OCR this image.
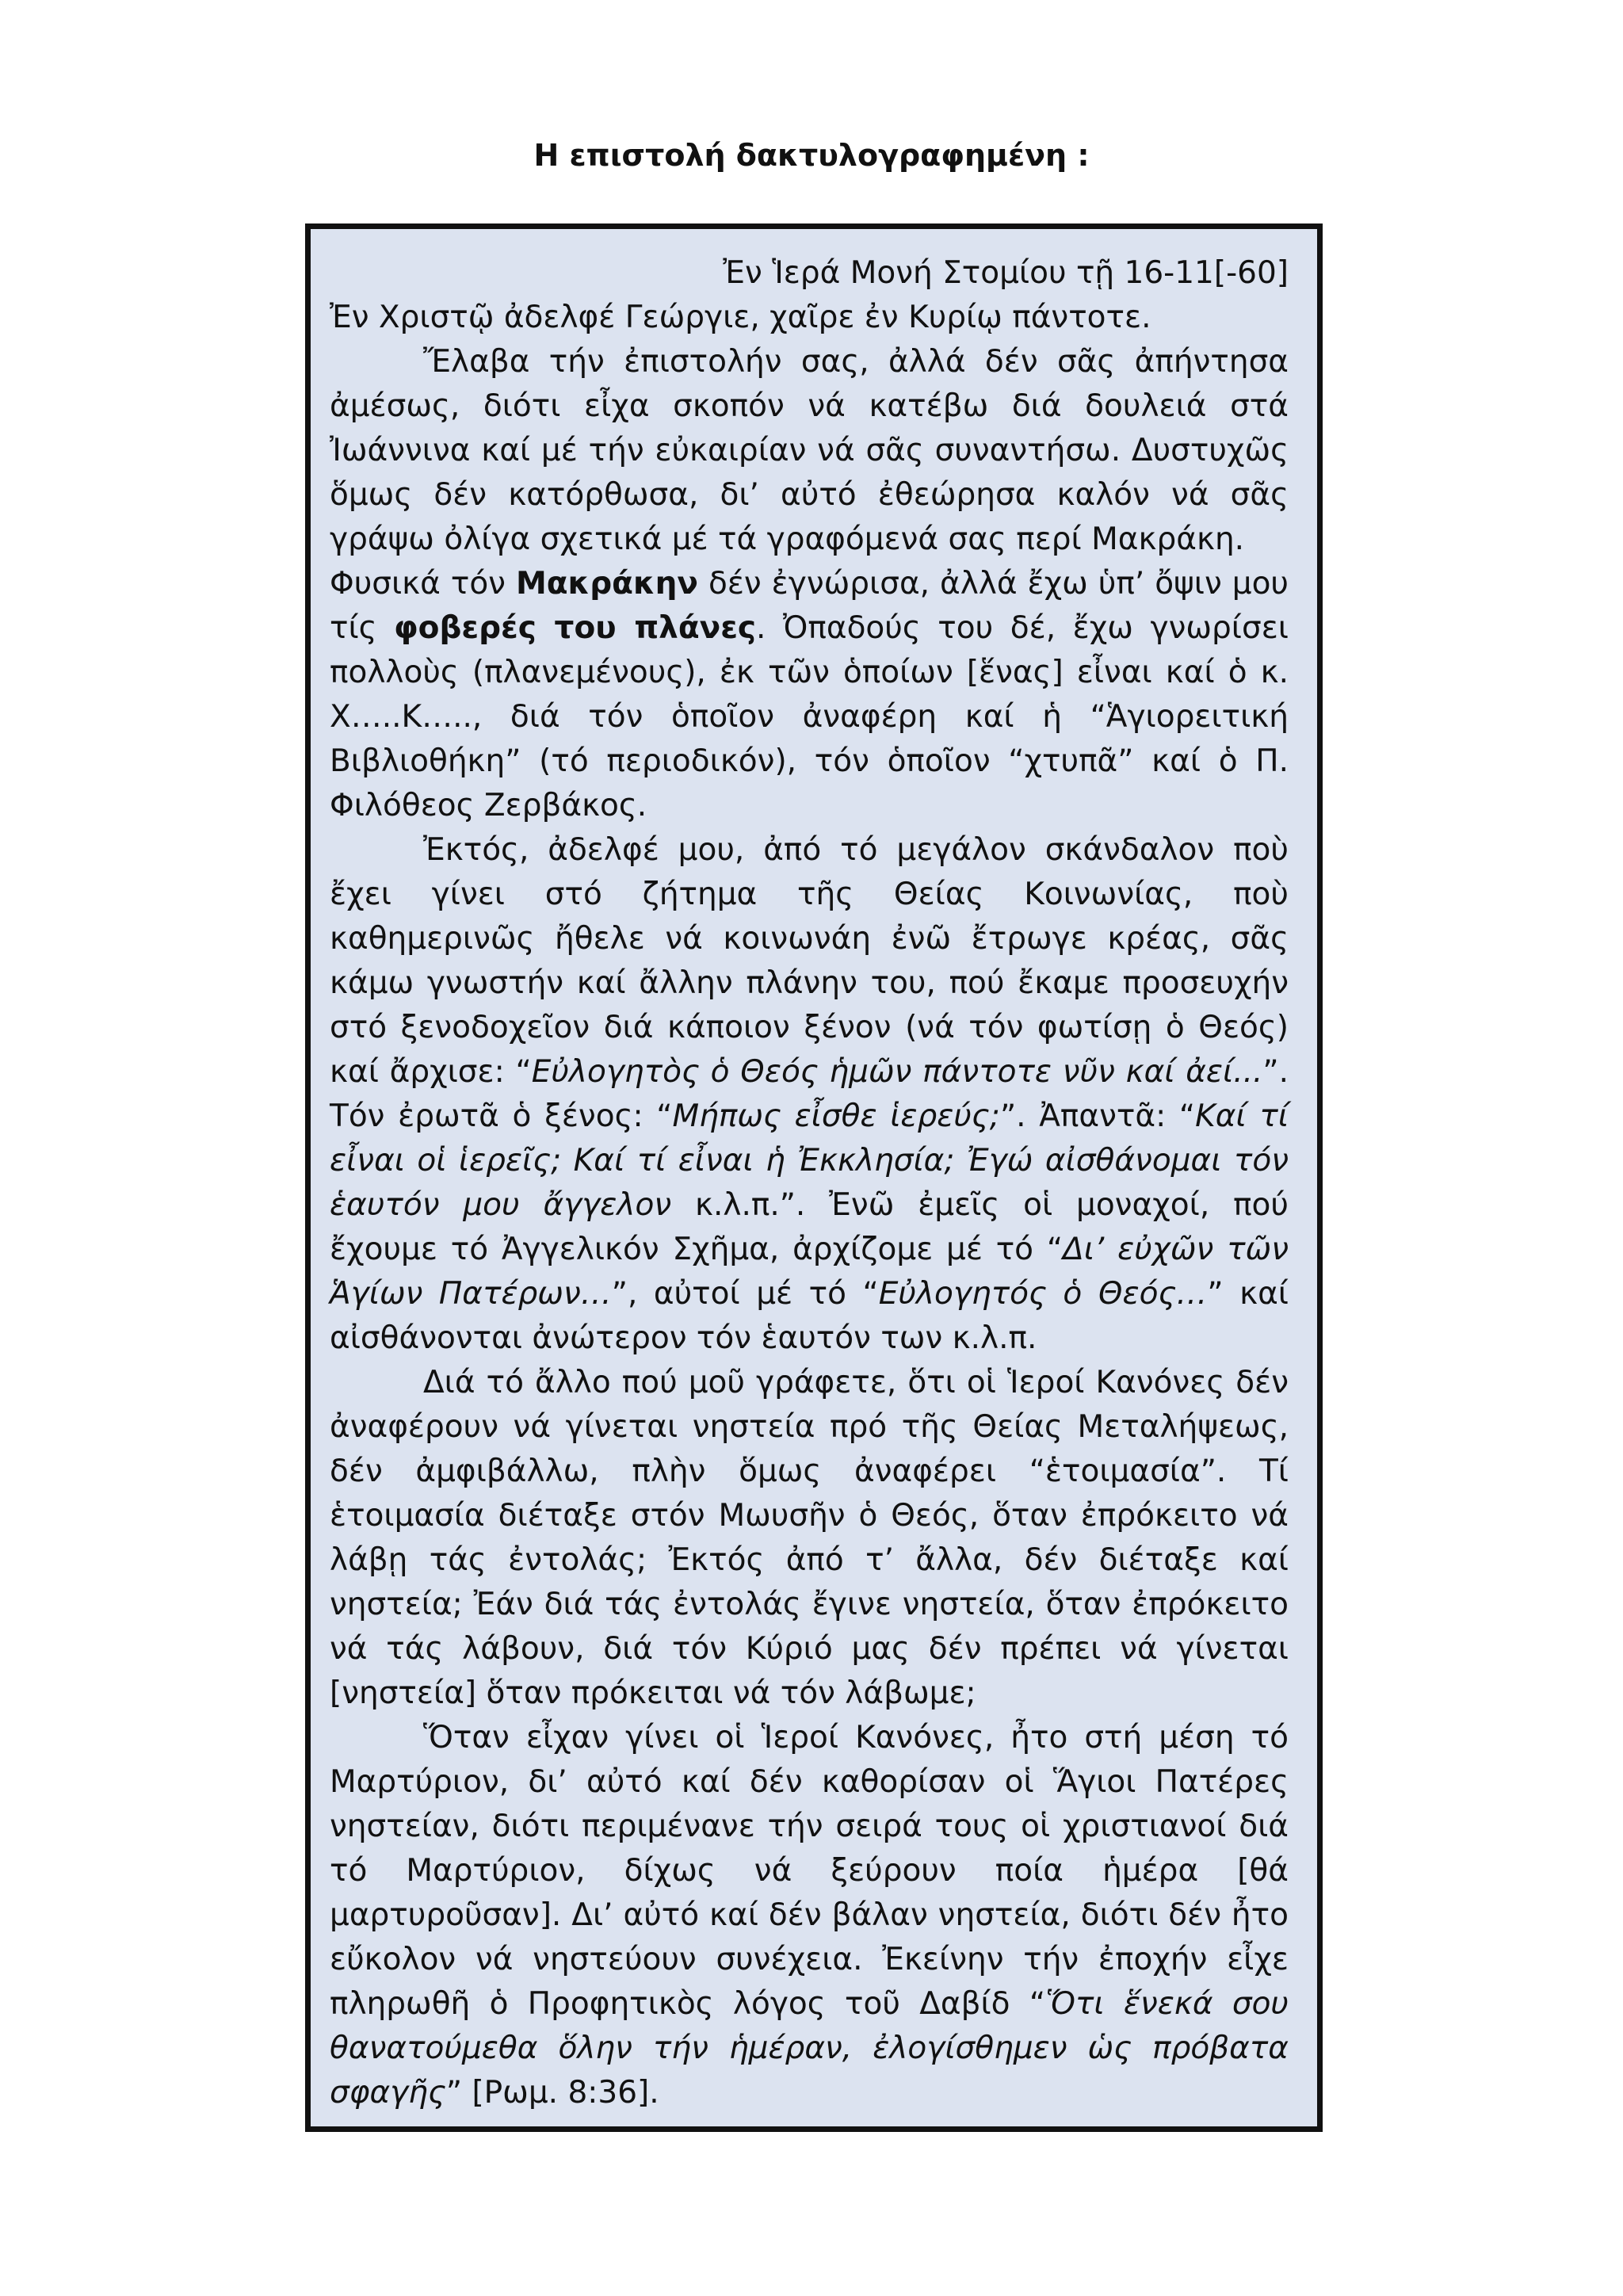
Η επιστολή δακτυλογραφημένη :

Ἐν Ἱερά Μονή Στομίου τῇ 16-11[-60]

Ἐν Χριστῷ ἀδελφέ Γεώργιε, χαῖρε ἐν Κυρίῳ πάντοτε.

Ἔλαβα τήν ἐπιστολήν σας, ἀλλά δέν σᾶς ἀπήντησα ἀμέσως, διότι εἶχα σκοπόν νά κατέβω διά δουλειά στά Ἰωάννινα καί μέ τήν εὐκαιρίαν νά σᾶς συναντήσω. Δυστυχῶς ὅμως δέν κατόρθωσα, δι’ αὐτό ἐθεώρησα καλόν νά σᾶς γράψω ὀλίγα σχετικά μέ τά γραφόμενά σας περί Μακράκη.

Φυσικά τόν Μακράκην δέν ἐγνώρισα, ἀλλά ἔχω ὑπ’ ὄψιν μου τίς φοβερές του πλάνες. Ὀπαδούς του δέ, ἔχω γνωρίσει πολλοὺς (πλανεμένους), ἐκ τῶν ὁποίων [ἕνας] εἶναι καί ὁ κ. Χ…..Κ….., διά τόν ὁποῖον ἀναφέρη καί ἡ “Ἁγιορειτική Βιβλιοθήκη” (τό περιοδικόν), τόν ὁποῖον “χτυπᾶ” καί ὁ Π. Φιλόθεος Ζερβάκος.

Ἐκτός, ἀδελφέ μου, ἀπό τό μεγάλον σκάνδαλον ποὺ ἔχει γίνει στό ζήτημα τῆς Θείας Κοινωνίας, ποὺ καθημερινῶς ἤθελε νά κοινωνάη ἐνῶ ἔτρωγε κρέας, σᾶς κάμω γνωστήν καί ἄλλην πλάνην του, πού ἔκαμε προσευχήν στό ξενοδοχεῖον διά κάποιον ξένον (νά τόν φωτίσῃ ὁ Θεός) καί ἄρχισε: “Εὐλογητὸς ὁ Θεός ἡμῶν πάντοτε νῦν καί ἀεί...”. Τόν ἐρωτᾶ ὁ ξένος: “Μήπως εἶσθε ἱερεύς;”. Ἀπαντᾶ: “Καί τί εἶναι οἱ ἱερεῖς; Καί τί εἶναι ἡ Ἐκκλησία; Ἐγώ αἰσθάνομαι τόν ἑαυτόν μου ἄγγελον κ.λ.π.”. Ἐνῶ ἐμεῖς οἱ μοναχοί, πού ἔχουμε τό Ἀγγελικόν Σχῆμα, ἀρχίζομε μέ τό “Δι’ εὐχῶν τῶν Ἁγίων Πατέρων…”, αὐτοί μέ τό “Εὐλογητός ὁ Θεός…” καί αἰσθάνονται ἀνώτερον τόν ἑαυτόν των κ.λ.π.

Διά τό ἄλλο πού μοῦ γράφετε, ὅτι οἱ Ἱεροί Κανόνες δέν ἀναφέρουν νά γίνεται νηστεία πρό τῆς Θείας Μεταλήψεως, δέν ἀμφιβάλλω, πλὴν ὅμως ἀναφέρει “ἑτοιμασία”. Τί ἑτοιμασία διέταξε στόν Μωυσῆν ὁ Θεός, ὅταν ἐπρόκειτο νά λάβῃ τάς ἐντολάς; Ἐκτός ἀπό τ’ ἄλλα, δέν διέταξε καί νηστεία; Ἐάν διά τάς ἐντολάς ἔγινε νηστεία, ὅταν ἐπρόκειτο νά τάς λάβουν, διά τόν Κύριό μας δέν πρέπει νά γίνεται [νηστεία] ὅταν πρόκειται νά τόν λάβωμε;

Ὅταν εἶχαν γίνει οἱ Ἱεροί Κανόνες, ἦτο στή μέση τό Μαρτύριον, δι’ αὐτό καί δέν καθορίσαν οἱ Ἅγιοι Πατέρες νηστείαν, διότι περιμένανε τήν σειρά τους οἱ χριστιανοί διά τό Μαρτύριον, δίχως νά ξεύρουν ποία ἡμέρα [θά μαρτυροῦσαν]. Δι’ αὐτό καί δέν βάλαν νηστεία, διότι δέν ἦτο εὔκολον νά νηστεύουν συνέχεια. Ἐκείνην τήν ἐποχήν εἶχε πληρωθῆ ὁ Προφητικὸς λόγος τοῦ Δαβίδ “Ὅτι ἕνεκά σου θανατούμεθα ὅλην τήν ἡμέραν, ἐλογίσθημεν ὡς πρόβατα σφαγῆς” [Ρωμ. 8:36].
